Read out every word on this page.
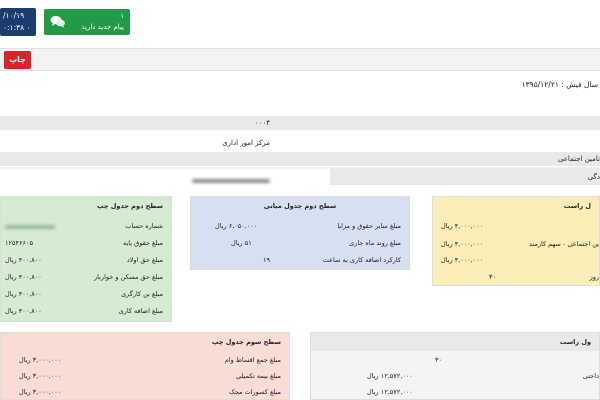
/۱۰/۱۹
۰:۱:۳۸ ۰
۱
پیام جدید دارید
چاپ
سال فیش : ۱۳۹۵/۱۲/۲۱
۰۰۰۴
مرکز امور اداری
تامین اجتماعی
دگی
سطح دوم جدول چپ
شماره حساب
مبلغ حقوق پایه
۱۲۵۴۶۶۰۵
مبلغ حق اولاد
۴۰۰,۸۰۰ ریال
مبلغ حق مسکن و خواربار
۴۰۰,۸۰۰ ریال
مبلغ بن کارگری
۴۰۰,۸۰۰ ریال
مبلغ اضافه کاری
۴۰۰,۸۰۰ ریال
سطح دوم جدول میانی
مبلغ سایر حقوق و مزایا
۶,۰۵۰,۰۰۰ ریال
مبلغ روند ماه جاری
۵۱ ریال
کارکرد اضافه کاری به ساعت
۱۹
ل راست
۴,۰۰۰,۰۰۰ ریال
ین اجتماعی - سهم کارمند
۴,۰۰۰,۰۰۰ ریال
۴,۰۰۰,۰۰۰ ریال
روز
۳۰
سطح سوم جدول چپ
مبلغ جمع اقساط وام
۳,۰۰۰,۰۰۰ ریال
مبلغ بیمه تکمیلی
۳,۰۰۰,۰۰۰ ریال
مبلغ کسورات محک
۳,۰۰۰,۰۰۰ ریال
ول راست
۳۰
داختی
۱۲,۵۷۲,۰۰۰ ریال
۱۲,۵۷۲,۰۰۰ ریال
